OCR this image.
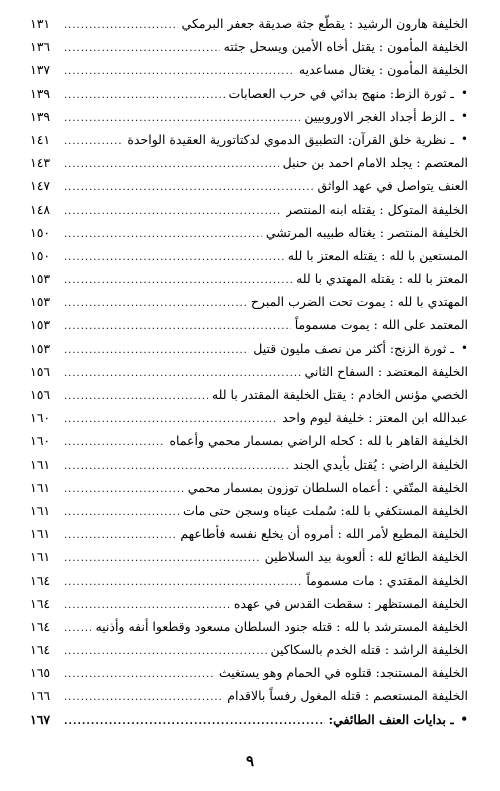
الخليفة هارون الرشيد : يقطّع جثة صديقة جعفر البرمكي
.....
١٣١
الخليفة المأمون : يقتل أخاه الأمين ويسحل جثته
.....
١٣٦
الخليفة المأمون : يغتال مساعديه
.....
١٣٧
• ـ ثورة الزط: منهج بدائي في حرب العصابات
.....
١٣٩
• ـ الزط أجداد الغجر الاوروبيين
.....
١٣٩
• ـ نظرية خلق القرآن: التطبيق الدموي لدكتاتورية العقيدة الواحدة
.....
١٤١
المعتصم : يجلد الامام احمد بن حنبل
.....
١٤٣
العنف يتواصل في عهد الواثق
.....
١٤٧
الخليفة المتوكل : يقتله ابنه المنتصر
.....
١٤٨
الخليفة المنتصر : يغتاله طبيبه المرتشي
.....
١٥٠
المستعين با لله : يقتله المعتز با لله
.....
١٥٠
المعتز با لله : يقتله المهتدي با لله
.....
١٥٣
المهتدي با لله : يموت تحت الضرب المبرح
.....
١٥٣
المعتمد على الله : يموت مسموماً
.....
١٥٣
• ـ ثورة الزنج: أكثر من نصف مليون قتيل
.....
١٥٣
الخليفة المعتضد : السفاح الثاني
.....
١٥٦
الخصي مؤنس الخادم : يقتل الخليفة المقتدر با لله
.....
١٥٦
عبدالله ابن المعتز : خليفة ليوم واحد
.....
١٦٠
الخليفة القاهر با لله : كحله الراضي بمسمار محمي وأعماه
.....
١٦٠
الخليفة الراضي : يُقتل بأيدي الجند
.....
١٦١
الخليفة المتّقي : أعماه السلطان توزون بمسمار محمي
.....
١٦١
الخليفة المستكفي با لله: سُملت عيناه وسجن حتى مات
.....
١٦١
الخليفة المطيع لأمر الله : أمروه أن يخلع نفسه فأطاعهم
.....
١٦١
الخليفة الطائع لله : ألعوبة بيد السلاطين
.....
١٦١
الخليفة المقتدي : مات مسموماً
.....
١٦٤
الخليفة المستظهر : سقطت القدس في عهده
.....
١٦٤
الخليفة المسترشد با لله : قتله جنود السلطان مسعود وقطعوا أنفه وأذنيه
.....
١٦٤
الخليفة الراشد : قتله الخدم بالسكاكين
.....
١٦٤
الخليفة المستنجد: قتلوه في الحمام وهو يستغيث
.....
١٦٥
الخليفة المستعصم : قتله المغول رفساً بالاقدام
.....
١٦٦
• ـ بدايات العنف الطائفي:
.....
١٦٧
٩
